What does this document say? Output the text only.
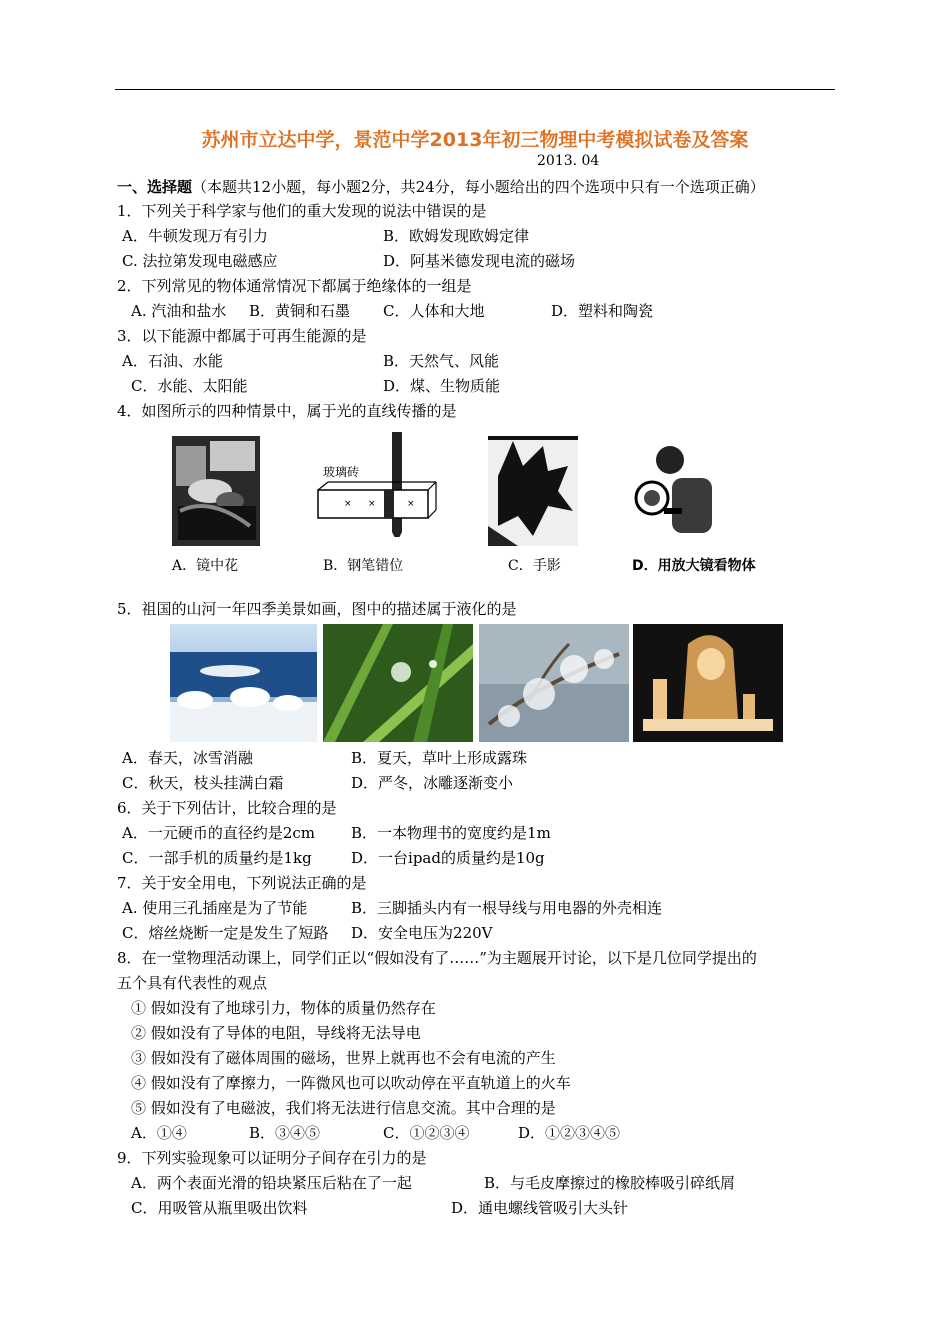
苏州市立达中学，景范中学2013年初三物理中考模拟试卷及答案
2013. 04
一、选择题（本题共12小题，每小题2分，共24分，每小题给出的四个选项中只有一个选项正确）
1．下列关于科学家与他们的重大发现的说法中错误的是
A．牛顿发现万有引力	B．欧姆发现欧姆定律
C. 法拉第发现电磁感应	D．阿基米德发现电流的磁场
2．下列常见的物体通常情况下都属于绝缘体的一组是
A. 汽油和盐水 B．黄铜和石墨 C．人体和大地	D．塑料和陶瓷
3．以下能源中都属于可再生能源的是
A．石油、水能	B．天然气、风能
C．水能、太阳能	D．煤、生物质能
4．如图所示的四种情景中，属于光的直线传播的是
× ×	×
玻璃砖
A．镜中花	B．钢笔错位	C．手影	D．用放大镜看物体
5．祖国的山河一年四季美景如画，图中的描述属于液化的是
A．春天，冰雪消融	B．夏天，草叶上形成露珠
C．秋天，枝头挂满白霜	D．严冬，冰雕逐渐变小
6．关于下列估计，比较合理的是
A．一元硬币的直径约是2cm B．一本物理书的宽度约是1m
C．一部手机的质量约是1kg	D．一台ipad的质量约是10g
7．关于安全用电，下列说法正确的是
A. 使用三孔插座是为了节能	B．三脚插头内有一根导线与用电器的外壳相连
C．熔丝烧断一定是发生了短路 D．安全电压为220V
8．在一堂物理活动课上，同学们正以“假如没有了……”为主题展开讨论，以下是几位同学提出的
五个具有代表性的观点
① 假如没有了地球引力，物体的质量仍然存在
② 假如没有了导体的电阻，导线将无法导电
③ 假如没有了磁体周围的磁场，世界上就再也不会有电流的产生
④ 假如没有了摩擦力，一阵微风也可以吹动停在平直轨道上的火车
⑤ 假如没有了电磁波，我们将无法进行信息交流。其中合理的是
A．①④	B．③④⑤	C．①②③④	D．①②③④⑤
9．下列实验现象可以证明分子间存在引力的是
A．两个表面光滑的铅块紧压后粘在了一起	B．与毛皮摩擦过的橡胶棒吸引碎纸屑
C．用吸管从瓶里吸出饮料	D．通电螺线管吸引大头针
